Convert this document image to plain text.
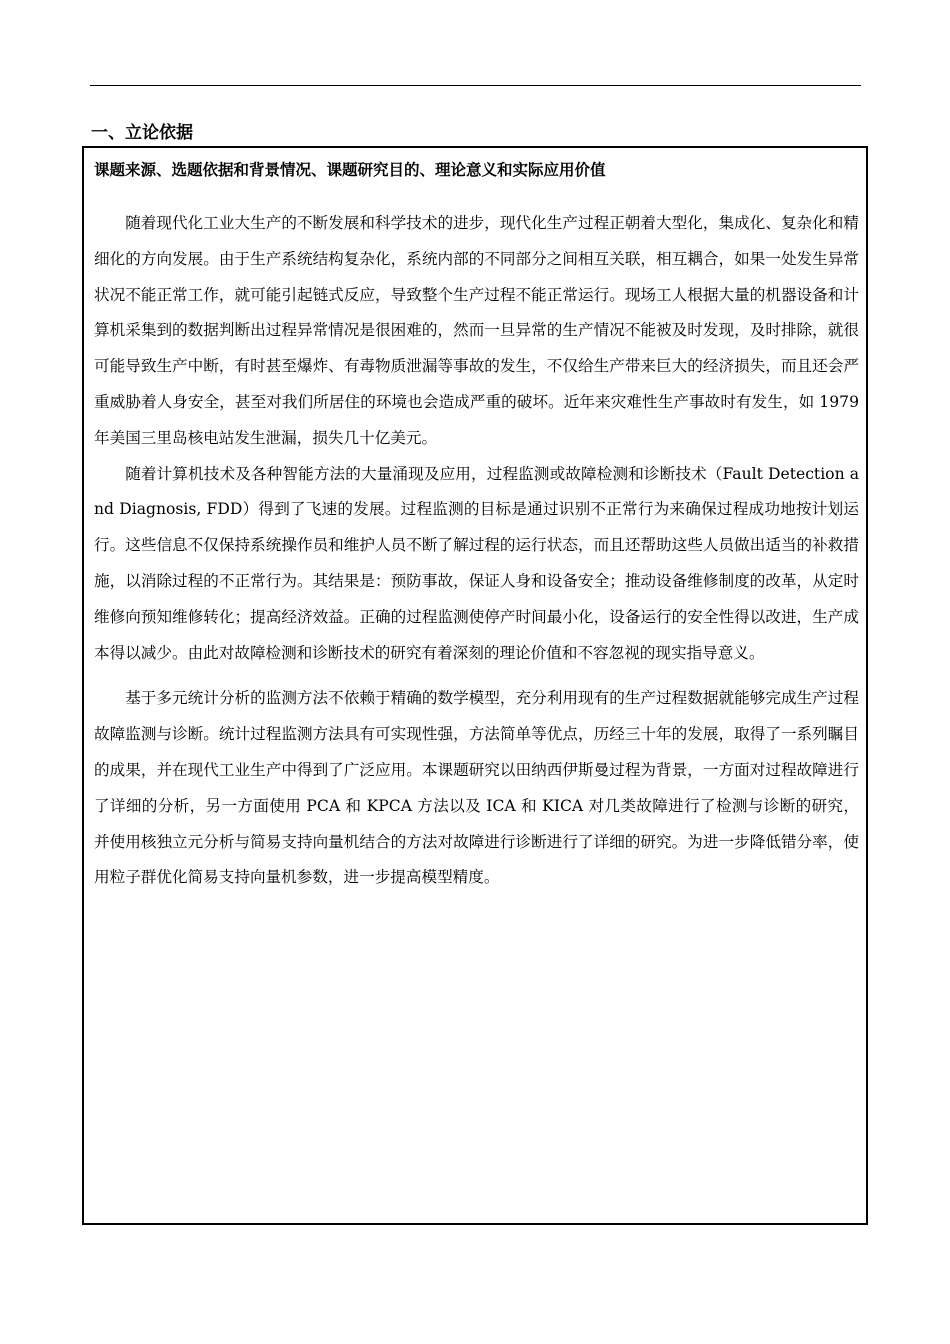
一、立论依据
课题来源、选题依据和背景情况、课题研究目的、理论意义和实际应用价值

随着现代化工业大生产的不断发展和科学技术的进步，现代化生产过程正朝着大型化，集成化、复杂化和精细化的方向发展。由于生产系统结构复杂化，系统内部的不同部分之间相互关联，相互耦合，如果一处发生异常状况不能正常工作，就可能引起链式反应，导致整个生产过程不能正常运行。现场工人根据大量的机器设备和计算机采集到的数据判断出过程异常情况是很困难的，然而一旦异常的生产情况不能被及时发现，及时排除，就很可能导致生产中断，有时甚至爆炸、有毒物质泄漏等事故的发生，不仅给生产带来巨大的经济损失，而且还会严重威胁着人身安全，甚至对我们所居住的环境也会造成严重的破坏。近年来灾难性生产事故时有发生，如 1979 年美国三里岛核电站发生泄漏，损失几十亿美元。

随着计算机技术及各种智能方法的大量涌现及应用，过程监测或故障检测和诊断技术（Fault Detection and Diagnosis, FDD）得到了飞速的发展。过程监测的目标是通过识别不正常行为来确保过程成功地按计划运行。这些信息不仅保持系统操作员和维护人员不断了解过程的运行状态，而且还帮助这些人员做出适当的补救措施，以消除过程的不正常行为。其结果是：预防事故，保证人身和设备安全；推动设备维修制度的改革，从定时维修向预知维修转化；提高经济效益。正确的过程监测使停产时间最小化，设备运行的安全性得以改进，生产成本得以减少。由此对故障检测和诊断技术的研究有着深刻的理论价值和不容忽视的现实指导意义。

基于多元统计分析的监测方法不依赖于精确的数学模型，充分利用现有的生产过程数据就能够完成生产过程故障监测与诊断。统计过程监测方法具有可实现性强，方法简单等优点，历经三十年的发展，取得了一系列瞩目的成果，并在现代工业生产中得到了广泛应用。本课题研究以田纳西伊斯曼过程为背景，一方面对过程故障进行了详细的分析，另一方面使用 PCA 和 KPCA 方法以及 ICA 和 KICA 对几类故障进行了检测与诊断的研究，并使用核独立元分析与简易支持向量机结合的方法对故障进行诊断进行了详细的研究。为进一步降低错分率，使用粒子群优化简易支持向量机参数，进一步提高模型精度。
